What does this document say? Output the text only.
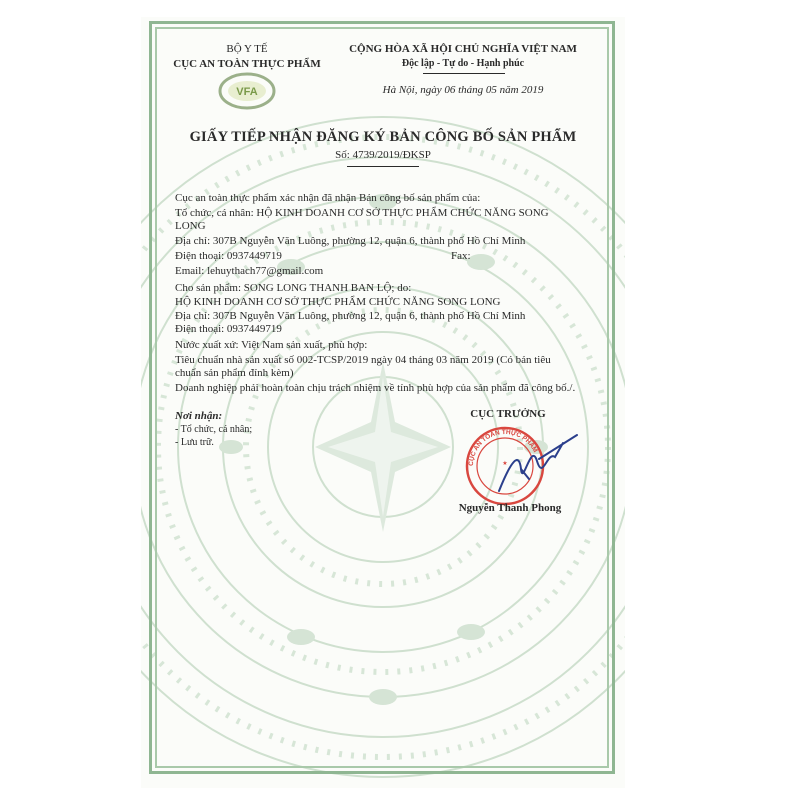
BỘ Y TẾ
CỤC AN TOÀN THỰC PHẨM
VFA
CỘNG HÒA XÃ HỘI CHỦ NGHĨA VIỆT NAM
Độc lập - Tự do - Hạnh phúc
Hà Nội, ngày 06 tháng 05 năm 2019
GIẤY TIẾP NHẬN ĐĂNG KÝ BẢN CÔNG BỐ SẢN PHẨM
Số: 4739/2019/ĐKSP
Cục an toàn thực phẩm xác nhận đã nhận Bản công bố sản phẩm của:
Tổ chức, cá nhân: HỘ KINH DOANH CƠ SỞ THỰC PHẨM CHỨC NĂNG SONG
LONG
Địa chỉ: 307B Nguyễn Văn Luông, phường 12, quận 6, thành phố Hồ Chí Minh
Điện thoại: 0937449719	Fax:
Email: lehuythach77@gmail.com
Cho sản phẩm: SONG LONG THANH BAN LỘ; do:
HỘ KINH DOANH CƠ SỞ THỰC PHẨM CHỨC NĂNG SONG LONG
Địa chỉ: 307B Nguyễn Văn Luông, phường 12, quận 6, thành phố Hồ Chí Minh
Điện thoại: 0937449719
Nước xuất xứ: Việt Nam sản xuất, phù hợp:
Tiêu chuẩn nhà sản xuất số 002-TCSP/2019 ngày 04 tháng 03 năm 2019 (Có bản tiêu
chuẩn sản phẩm đính kèm)
Doanh nghiệp phải hoàn toàn chịu trách nhiệm về tính phù hợp của sản phẩm đã công bố./.
Nơi nhận:
- Tổ chức, cá nhân;
- Lưu trữ.
CỤC TRƯỞNG
CỤC AN TOÀN THỰC PHẨM
★
Nguyễn Thanh Phong
